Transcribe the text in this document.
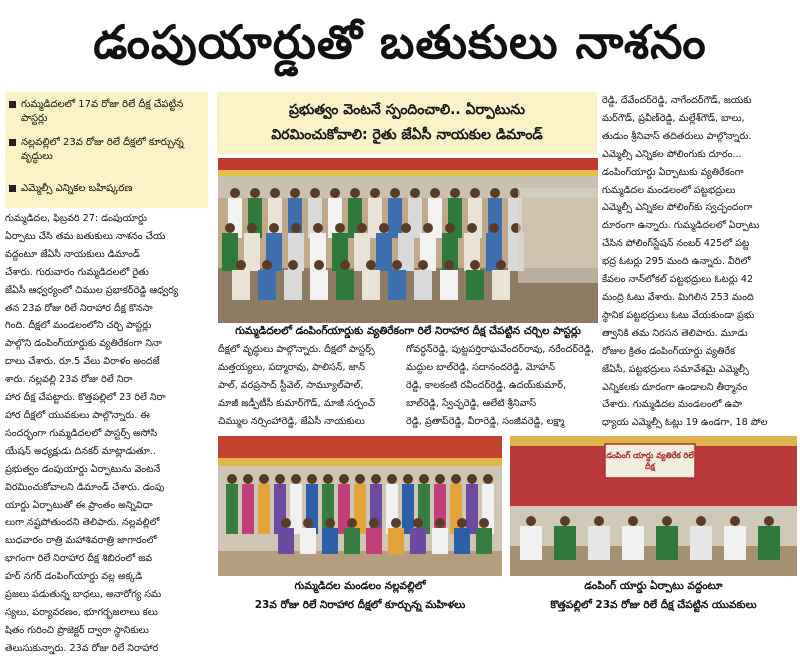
డంపుయార్డుతో బతుకులు నాశనం
గుమ్మడిదలలో 17వ రోజు రిలే దీక్ష చేపట్టిన పాస్టర్లు
నల్లవల్లిలో 23వ రోజు రిలే దీక్షలో కూర్చున్న వృద్ధులు
ఎమ్మెల్సీ ఎన్నికల బహిష్కరణ
గుమ్మడిదల, ఫిబ్రవరి 27: డంపుయార్డు
ఏర్పాటు చేసి తమ బతుకులు నాశనం చేయ
వద్దంటూ జేఏసీ నాయకులు డిమాండ్
చేశారు. గురువారం గుమ్మడిదలలో రైతు
జేఏసీ ఆధ్వర్యంలో చిముల ప్రభాకర్‌రెడ్డి ఆధ్వర్య
తన 23వ రోజు రిలే నిరాహార దీక్ష కొనసా
గింది. దీక్షలో మండలంలోని చర్చి పాస్టర్లు
పాల్గొని డంపింగ్‌యార్డుకు వ్యతిరేకంగా నినా
దాలు చేశారు. రూ.5 వేలు విరాళం అందజే
శారు. నల్లవల్లి 23వ రోజు రిలే నిరా
హార దీక్ష చేపట్టారు. కొత్తపల్లిలో 23 రిలే నిరా
హార దీక్షలో యువకులు పాల్గొన్నారు. ఈ
సందర్భంగా గుమ్మడిదలలో పాస్టర్స్ అసోసి
యేషన్ అధ్యక్షుడు దినకర్ మాట్లాడుతూ..
ప్రభుత్వం డంపుయార్డు ఏర్పాటును వెంటనే
విరమించుకోవాలని డిమాండ్ చేశారు. డంపు
యార్డు ఏర్పాటుతో ఈ ప్రాంతం అన్నివిధా
లుగా నష్టపోతుందని తెలిపారు. నల్లవల్లిలో
బుధవారం రాత్రి మహాశివరాత్రి జాగారంలో
భాగంగా రిలే నిరాహార దీక్ష శిబిరంలో జవ
హర్ నగర్ డంపింగ్‌యార్డు వల్ల అక్కడి
ప్రజలు పడుతున్న బాధలు, అనారోగ్య సమ
స్యలు, పర్యావరణం, భూగర్భజలాలు కలు
షితం గురించి ప్రొజెక్టర్ ద్వారా స్థానికులు
తెలుసుకున్నారు. 23వ రోజు రిలే నిరాహార
ప్రభుత్వం వెంటనే స్పందించాలి.. ఏర్పాటును
విరమించుకోవాలి: రైతు జేఏసీ నాయకుల డిమాండ్
గుమ్మడిదలలో డంపింగ్‌యార్డుకు వ్యతిరేకంగా రిలే నిరాహార దీక్ష చేపట్టిన చర్చిల పాస్టర్లు
దీక్షలో వృద్ధులు పాల్గొన్నారు. దీక్షలో పాస్టర్స్
మత్తయ్యలు, పద్మారావు, పాలిసన్, జాన్
పాల్, వరప్రసాద్ స్టీవెల్, సామ్యూల్‌పాల్,
మాజీ జడ్పీటీసీ కుమార్‌గౌడ్, మాజీ సర్పంచ్
చిమ్ముల నర్సింహారెడ్డి, జేఏసీ నాయకులు
గోవర్ధన్‌రెడ్డి, పుట్టపర్తిరాఘవేందర్‌రావు, నరేందర్‌రెడ్డి,
మద్దుల బాల్‌రెడ్డి, సదానందరెడ్డి, మోహన్
రెడ్డి, కాలకంటి రవీందర్‌రెడ్డి, ఉదయ్‌కుమార్,
బాల్‌రెడ్డి, స్వేచ్ఛరెడ్డి, ఆలేటి శ్రీనివాస్
రెడ్డి, ప్రతాప్‌రెడ్డి, వీరారెడ్డి, సంజీవరెడ్డి, లక్ష్మా
రెడ్డి, దేవేందర్‌రెడ్డి, నాగేందర్‌గౌడ్, జయకు
మర్‌గౌడ్, ప్రవీణ్‌రెడ్డి, మల్లేశ్‌గౌడ్, బాలు,
తుడుం శ్రీనివాస్ తదితరులు పాల్గొన్నారు.
ఎమ్మెల్సీ ఎన్నికల పోలింగుకు దూరం...
డంపింగ్‌యార్డు ఏర్పాటుకు వ్యతిరేకంగా
గుమ్మడిదల మండలంలో పట్టభద్రులు
ఎమ్మెల్సీ ఎన్నికల పోలింగ్‌కు స్వచ్ఛందంగా
దూరంగా ఉన్నారు. గుమ్మడిదలలో ఏర్పాటు
చేసిన పోలింగ్‌స్టేషన్ నంబర్ 425లో పట్ట
భద్ర ఓటర్లు 295 మంది ఉన్నారు. వీరిలో
కేవలం నాన్‌లోకల్ పట్టభద్రులు ఓటర్లు 42
మంద్రి ఓటు వేశారు. మిగిలిన 253 మంది
స్థానిక పట్టభద్రులు ఓటు వేయకుండా ప్రభు
త్వానికి తమ నిరసన తెలిపారు. మూడు
రోజుల క్రితం డంపింగ్‌యార్డు వ్యతిరేక
జేఏసీ, పట్టభద్రులు సమావేశమై ఎమ్మెల్సీ
ఎన్నికలకు దూరంగా ఉండాలని తీర్మానం
చేశారు. గుమ్మడిదల మండలంలో ఉపా
ధ్యాయ ఎమ్మెల్సీ ఓట్లు 19 ఉండగా, 18 పోల
గుమ్మడిదల మండలం నల్లవల్లిలో
23వ రోజు రిలే నిరాహార దీక్షలో కూర్చున్న మహిళలు
డంపింగ్ యార్డు వ్యతిరేక రిలే దీక్ష
డంపింగ్ యార్డు ఏర్పాటు వద్దంటూ
కొత్తపల్లిలో 23వ రోజు రిలే దీక్ష చేపట్టిన యువకులు
